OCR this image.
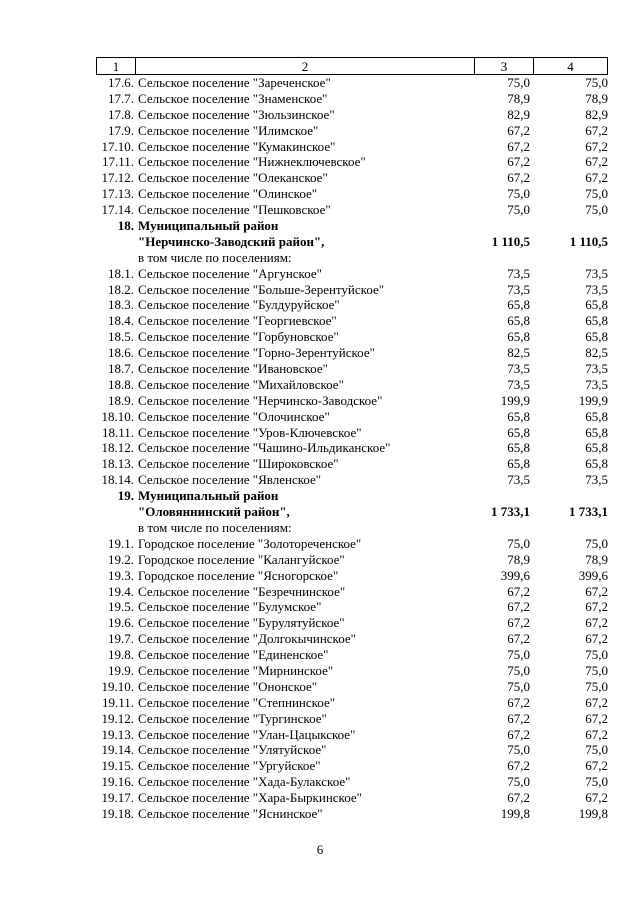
1	2	3	4
17.6. Сельское поселение "Зареченское"	75,0	75,0
17.7. Сельское поселение "Знаменское"	78,9	78,9
17.8. Сельское поселение "Зюльзинское"	82,9	82,9
17.9. Сельское поселение "Илимское"	67,2	67,2
17.10. Сельское поселение "Кумакинское"	67,2	67,2
17.11. Сельское поселение "Нижнеключевское"	67,2	67,2
17.12. Сельское поселение "Олеканское"	67,2	67,2
17.13. Сельское поселение "Олинское"	75,0	75,0
17.14. Сельское поселение "Пешковское"	75,0	75,0
18. Муниципальный район
"Нерчинско-Заводский район",	1 110,5	1 110,5
в том числе по поселениям:
18.1. Сельское поселение "Аргунское"	73,5	73,5
18.2. Сельское поселение "Больше-Зерентуйское"	73,5	73,5
18.3. Сельское поселение "Булдуруйское"	65,8	65,8
18.4. Сельское поселение "Георгиевское"	65,8	65,8
18.5. Сельское поселение "Горбуновское"	65,8	65,8
18.6. Сельское поселение "Горно-Зерентуйское"	82,5	82,5
18.7. Сельское поселение "Ивановское"	73,5	73,5
18.8. Сельское поселение "Михайловское"	73,5	73,5
18.9. Сельское поселение "Нерчинско-Заводское"	199,9	199,9
18.10. Сельское поселение "Олочинское"	65,8	65,8
18.11. Сельское поселение "Уров-Ключевское"	65,8	65,8
18.12. Сельское поселение "Чашино-Ильдиканское"	65,8	65,8
18.13. Сельское поселение "Широковское"	65,8	65,8
18.14. Сельское поселение "Явленское"	73,5	73,5
19. Муниципальный район
"Оловяннинский район",	1 733,1	1 733,1
в том числе по поселениям:
19.1. Городское поселение "Золотореченское"	75,0	75,0
19.2. Городское поселение "Калангуйское"	78,9	78,9
19.3. Городское поселение "Ясногорское"	399,6	399,6
19.4. Сельское поселение "Безречнинское"	67,2	67,2
19.5. Сельское поселение "Булумское"	67,2	67,2
19.6. Сельское поселение "Бурулятуйское"	67,2	67,2
19.7. Сельское поселение "Долгокычинское"	67,2	67,2
19.8. Сельское поселение "Единенское"	75,0	75,0
19.9. Сельское поселение "Мирнинское"	75,0	75,0
19.10. Сельское поселение "Ононское"	75,0	75,0
19.11. Сельское поселение "Степнинское"	67,2	67,2
19.12. Сельское поселение "Тургинское"	67,2	67,2
19.13. Сельское поселение "Улан-Цацыкское"	67,2	67,2
19.14. Сельское поселение "Улятуйское"	75,0	75,0
19.15. Сельское поселение "Ургуйское"	67,2	67,2
19.16. Сельское поселение "Хада-Булакское"	75,0	75,0
19.17. Сельское поселение "Хара-Быркинское"	67,2	67,2
19.18. Сельское поселение "Яснинское"	199,8	199,8
6
